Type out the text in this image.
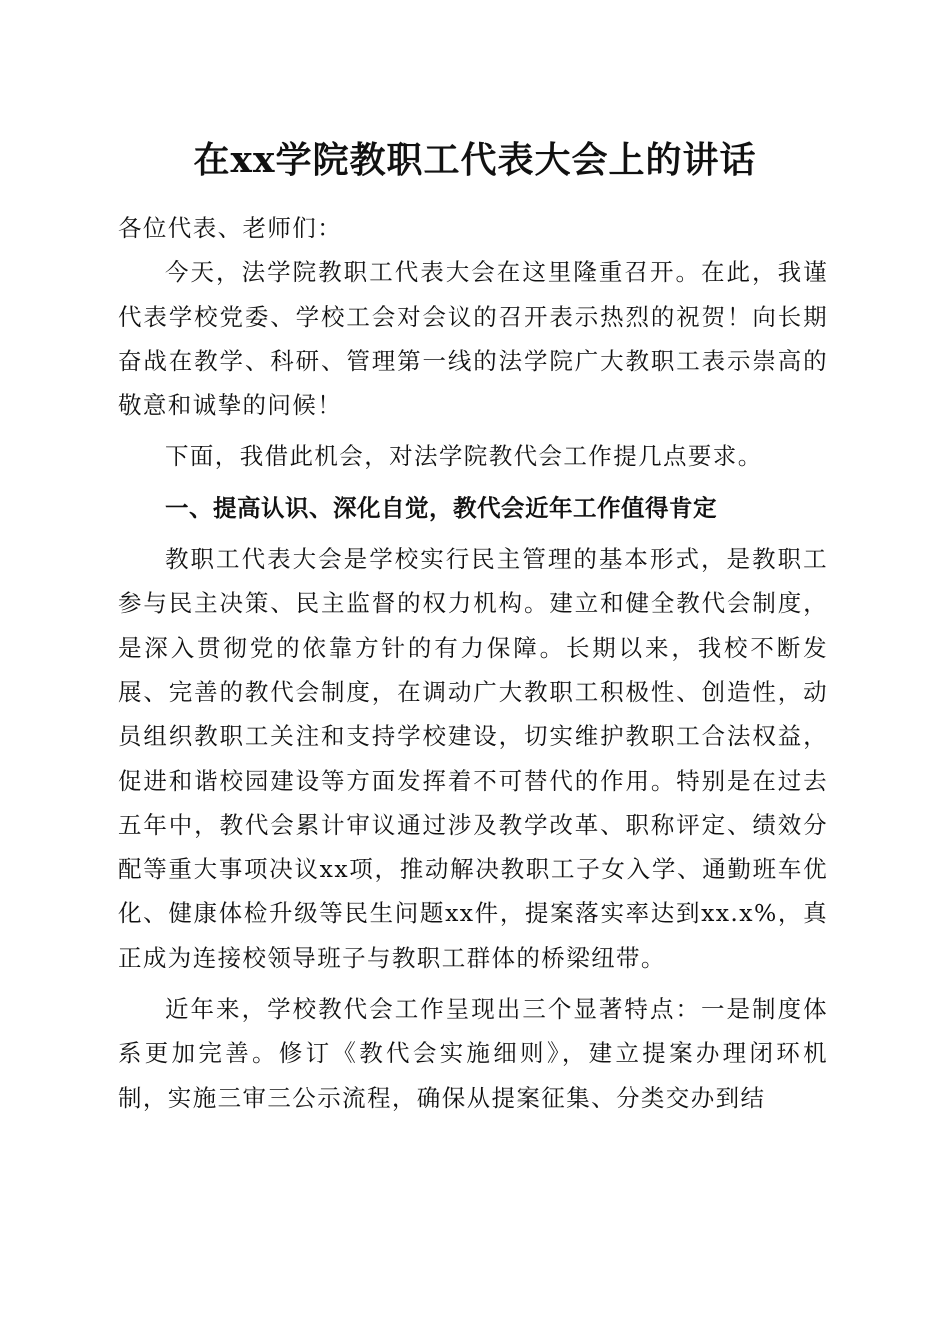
在xx学院教职工代表大会上的讲话

各位代表、老师们：

今天，法学院教职工代表大会在这里隆重召开。在此，我谨代表学校党委、学校工会对会议的召开表示热烈的祝贺！向长期奋战在教学、科研、管理第一线的法学院广大教职工表示崇高的敬意和诚挚的问候！

下面，我借此机会，对法学院教代会工作提几点要求。

一、提高认识、深化自觉，教代会近年工作值得肯定

教职工代表大会是学校实行民主管理的基本形式，是教职工参与民主决策、民主监督的权力机构。建立和健全教代会制度，是深入贯彻党的依靠方针的有力保障。长期以来，我校不断发展、完善的教代会制度，在调动广大教职工积极性、创造性，动员组织教职工关注和支持学校建设，切实维护教职工合法权益，促进和谐校园建设等方面发挥着不可替代的作用。特别是在过去五年中，教代会累计审议通过涉及教学改革、职称评定、绩效分配等重大事项决议xx项，推动解决教职工子女入学、通勤班车优化、健康体检升级等民生问题xx件，提案落实率达到xx.x%，真正成为连接校领导班子与教职工群体的桥梁纽带。

近年来，学校教代会工作呈现出三个显著特点：一是制度体系更加完善。修订《教代会实施细则》，建立提案办理闭环机制，实施三审三公示流程，确保从提案征集、分类交办到结
